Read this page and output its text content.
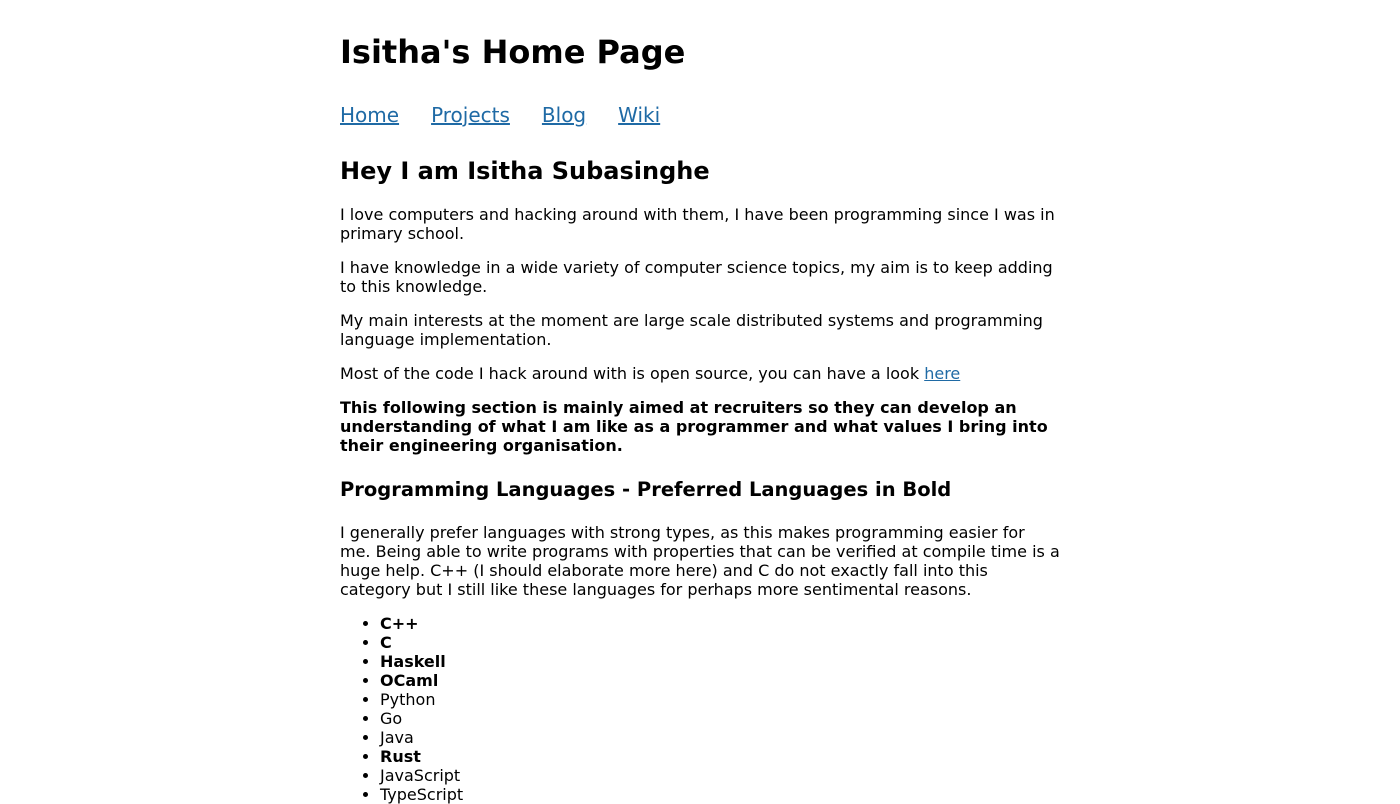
Isitha's Home Page
Home Projects Blog Wiki
Hey I am Isitha Subasinghe

I love computers and hacking around with them, I have been programming since I was in primary school.

I have knowledge in a wide variety of computer science topics, my aim is to keep adding to this knowledge.

My main interests at the moment are large scale distributed systems and programming language implementation.

Most of the code I hack around with is open source, you can have a look here

This following section is mainly aimed at recruiters so they can develop an understanding of what I am like as a programmer and what values I bring into their engineering organisation.

Programming Languages - Preferred Languages in Bold

I generally prefer languages with strong types, as this makes programming easier for me. Being able to write programs with properties that can be verified at compile time is a huge help. C++ (I should elaborate more here) and C do not exactly fall into this category but I still like these languages for perhaps more sentimental reasons.

• C++
• C
• Haskell
• OCaml
• Python
• Go
• Java
• Rust
• JavaScript
• TypeScript
